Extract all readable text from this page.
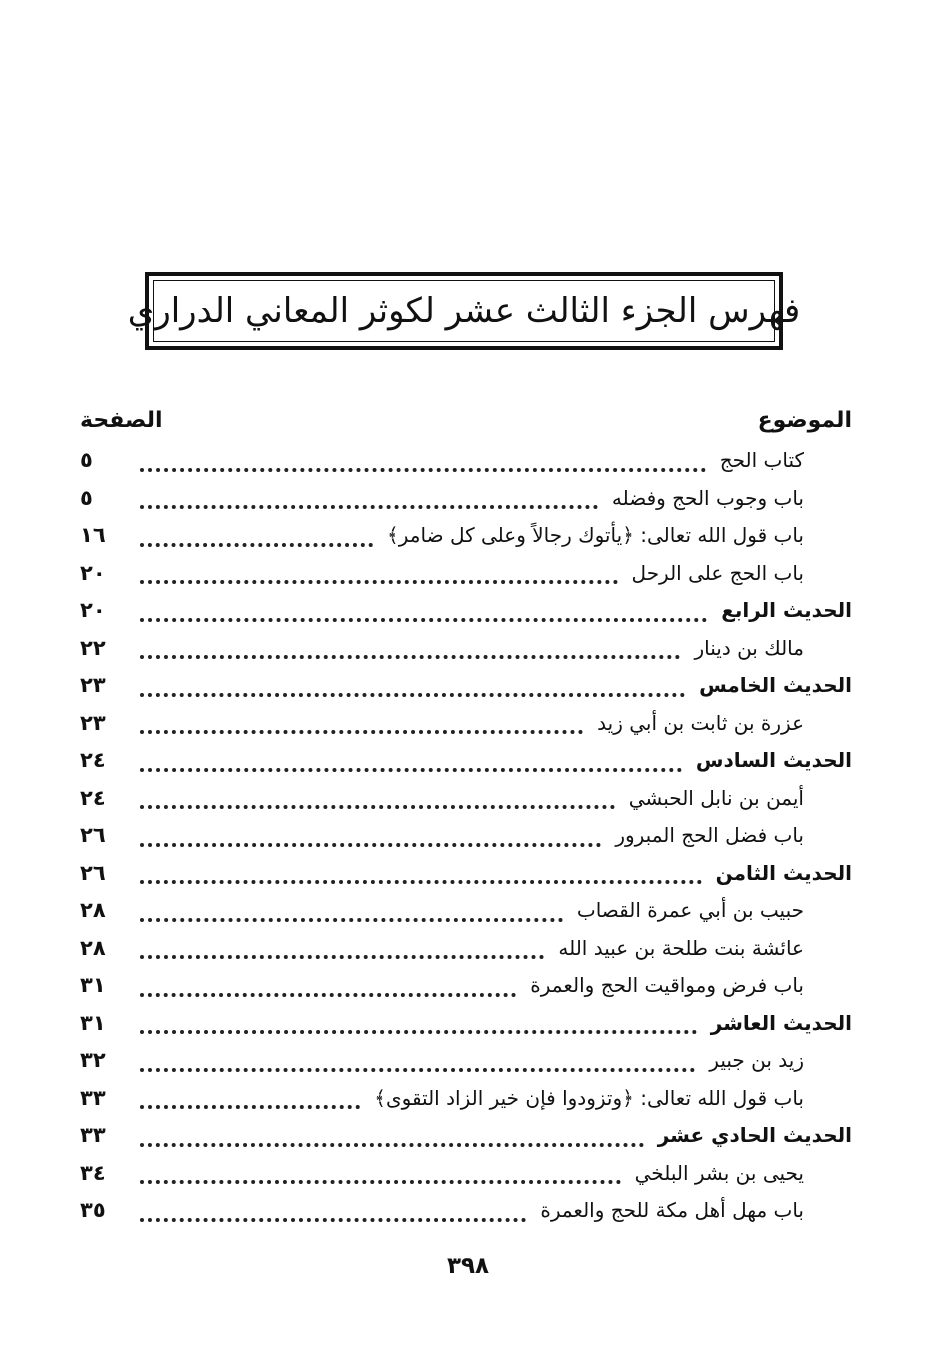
فهرس الجزء الثالث عشر لكوثر المعاني الدراري
الموضوع
الصفحة
كتاب الحج
٥
باب وجوب الحج وفضله
٥
باب قول الله تعالى: ﴿يأتوك رجالاً وعلى كل ضامر﴾
١٦
باب الحج على الرحل
٢٠
الحديث الرابع
٢٠
مالك بن دينار
٢٢
الحديث الخامس
٢٣
عزرة بن ثابت بن أبي زيد
٢٣
الحديث السادس
٢٤
أيمن بن نابل الحبشي
٢٤
باب فضل الحج المبرور
٢٦
الحديث الثامن
٢٦
حبيب بن أبي عمرة القصاب
٢٨
عائشة بنت طلحة بن عبيد الله
٢٨
باب فرض ومواقيت الحج والعمرة
٣١
الحديث العاشر
٣١
زيد بن جبير
٣٢
باب قول الله تعالى: ﴿وتزودوا فإن خير الزاد التقوى﴾
٣٣
الحديث الحادي عشر
٣٣
يحيى بن بشر البلخي
٣٤
باب مهل أهل مكة للحج والعمرة
٣٥
٣٩٨
